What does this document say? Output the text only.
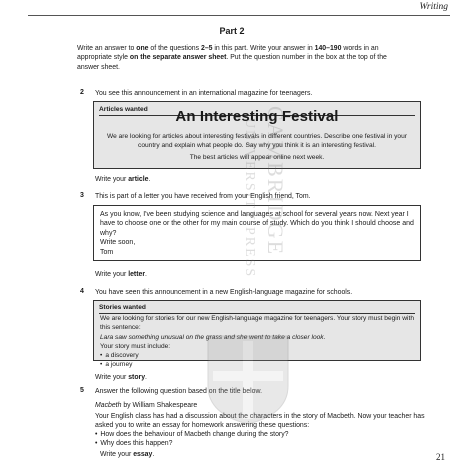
Writing
Part 2
Write an answer to one of the questions 2–5 in this part. Write your answer in 140–190 words in an appropriate style on the separate answer sheet. Put the question number in the box at the top of the answer sheet.
2 You see this announcement in an international magazine for teenagers.
Articles wanted	An Interesting Festival
We are looking for articles about interesting festivals in different countries. Describe one festival in your country and explain what people do. Say why you think it is an interesting festival.
The best articles will appear online next week.
Write your article.
3 This is part of a letter you have received from your English friend, Tom.
As you know, I've been studying science and languages at school for several years now. Next year I have to choose one or the other for my main course of study. Which do you think I should choose and why?
Write soon,
Tom
Write your letter.
4 You have seen this announcement in a new English-language magazine for schools.
Stories wanted
We are looking for stories for our new English-language magazine for teenagers. Your story must begin with this sentence:
Lara saw something unusual on the grass and she went to take a closer look.
Your story must include:
• a discovery
• a journey
Write your story.
5 Answer the following question based on the title below.
Macbeth by William Shakespeare
Your English class has had a discussion about the characters in the story of Macbeth. Now your teacher has asked you to write an essay for homework answering these questions:
• How does the behaviour of Macbeth change during the story?
• Why does this happen?
Write your essay.
CAMBRIDGE
UNIVERSITY PRESS
21
